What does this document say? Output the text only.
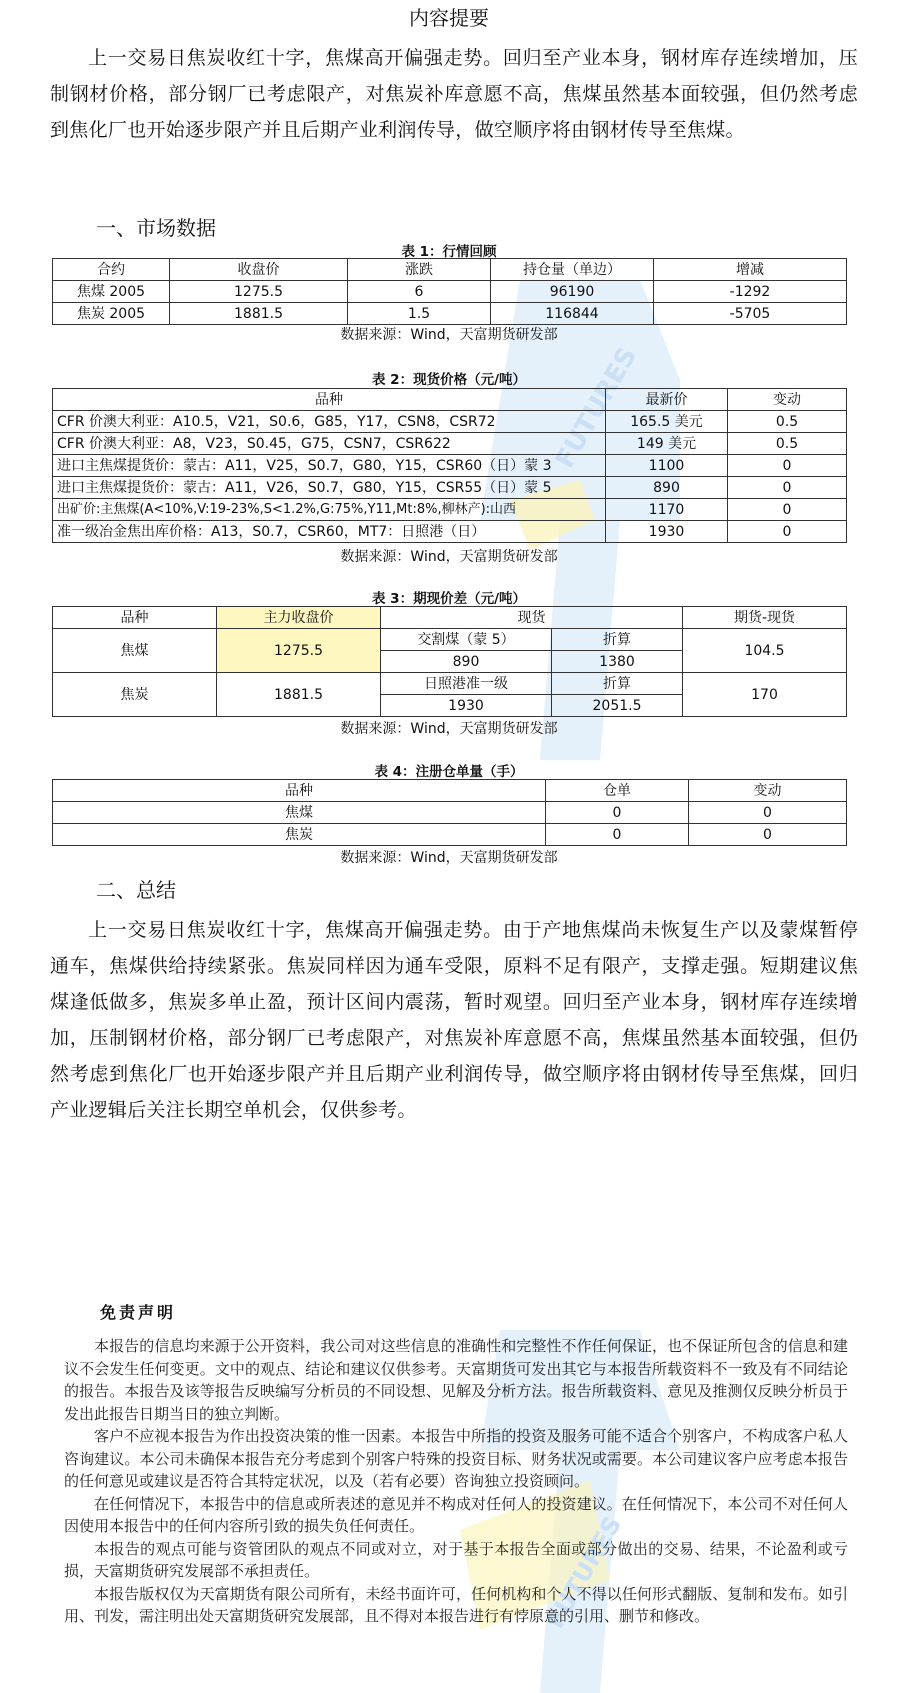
FUTURES
FUTURES
内容提要
上一交易日焦炭收红十字，焦煤高开偏强走势。回归至产业本身，钢材库存连续增加，压制钢材价格，部分钢厂已考虑限产，对焦炭补库意愿不高，焦煤虽然基本面较强，但仍然考虑到焦化厂也开始逐步限产并且后期产业利润传导，做空顺序将由钢材传导至焦煤。
一、市场数据
表 1：行情回顾
合约	收盘价	涨跌	持仓量（单边）	增减
焦煤 2005	1275.5	6	96190	-1292
焦炭 2005	1881.5	1.5	116844	-5705
数据来源：Wind，天富期货研发部
表 2：现货价格（元/吨）
品种	最新价	变动
CFR 价澳大利亚：A10.5，V21，S0.6，G85，Y17，CSN8，CSR72	165.5 美元	0.5
CFR 价澳大利亚：A8，V23，S0.45，G75，CSN7，CSR622	149 美元	0.5
进口主焦煤提货价：蒙古：A11，V25，S0.7，G80，Y15，CSR60（日）蒙 3	1100	0
进口主焦煤提货价：蒙古：A11，V26，S0.7，G80，Y15，CSR55（日）蒙 5	890	0
出矿价:主焦煤(A<10%,V:19-23%,S<1.2%,G:75%,Y11,Mt:8%,柳林产):山西	1170	0
准一级冶金焦出库价格：A13，S0.7，CSR60，MT7：日照港（日）	1930	0
数据来源：Wind，天富期货研发部
表 3：期现价差（元/吨）
品种	主力收盘价	现货		期货-现货
焦煤	1275.5	交割煤（蒙 5）	折算	104.5
		890	1380	
焦炭	1881.5	日照港准一级	折算	170
		1930	2051.5	
数据来源：Wind，天富期货研发部
表 4：注册仓单量（手）
品种	仓单	变动
焦煤	0	0
焦炭	0	0
数据来源：Wind，天富期货研发部
二、总结
上一交易日焦炭收红十字，焦煤高开偏强走势。由于产地焦煤尚未恢复生产以及蒙煤暂停通车，焦煤供给持续紧张。焦炭同样因为通车受限，原料不足有限产，支撑走强。短期建议焦煤逢低做多，焦炭多单止盈，预计区间内震荡，暂时观望。回归至产业本身，钢材库存连续增加，压制钢材价格，部分钢厂已考虑限产，对焦炭补库意愿不高，焦煤虽然基本面较强，但仍然考虑到焦化厂也开始逐步限产并且后期产业利润传导，做空顺序将由钢材传导至焦煤，回归产业逻辑后关注长期空单机会，仅供参考。
免责声明

本报告的信息均来源于公开资料，我公司对这些信息的准确性和完整性不作任何保证，也不保证所包含的信息和建议不会发生任何变更。文中的观点、结论和建议仅供参考。天富期货可发出其它与本报告所载资料不一致及有不同结论的报告。本报告及该等报告反映编写分析员的不同设想、见解及分析方法。报告所载资料、意见及推测仅反映分析员于发出此报告日期当日的独立判断。

客户不应视本报告为作出投资决策的惟一因素。本报告中所指的投资及服务可能不适合个别客户，不构成客户私人咨询建议。本公司未确保本报告充分考虑到个别客户特殊的投资目标、财务状况或需要。本公司建议客户应考虑本报告的任何意见或建议是否符合其特定状况，以及（若有必要）咨询独立投资顾问。

在任何情况下，本报告中的信息或所表述的意见并不构成对任何人的投资建议。在任何情况下，本公司不对任何人因使用本报告中的任何内容所引致的损失负任何责任。

本报告的观点可能与资管团队的观点不同或对立，对于基于本报告全面或部分做出的交易、结果，不论盈利或亏损，天富期货研究发展部不承担责任。

本报告版权仅为天富期货有限公司所有，未经书面许可，任何机构和个人不得以任何形式翻版、复制和发布。如引用、刊发，需注明出处天富期货研究发展部，且不得对本报告进行有悖原意的引用、删节和修改。
